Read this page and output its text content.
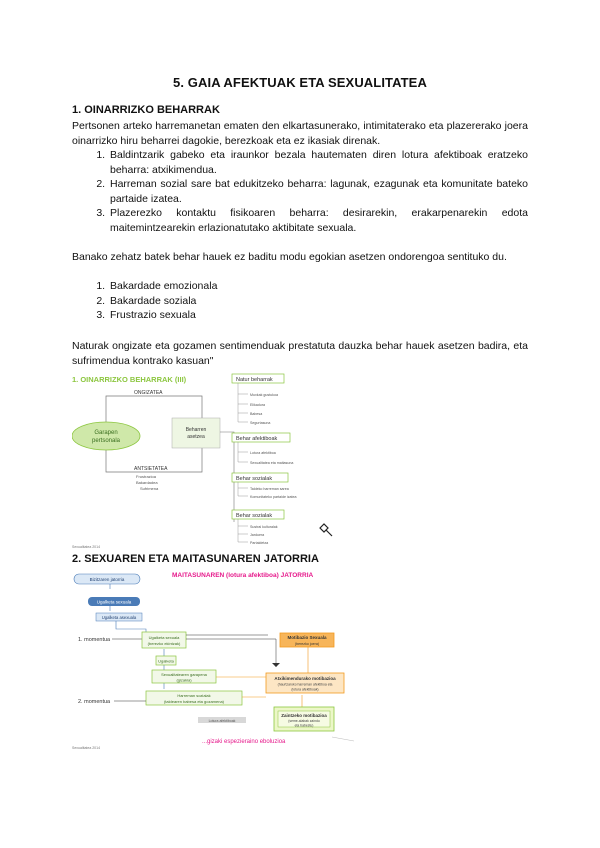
5. GAIA AFEKTUAK ETA SEXUALITATEA
1. OINARRIZKO BEHARRAK
Pertsonen arteko harremanetan ematen den elkartasunerako, intimitaterako eta plazererako joera oinarrizko hiru beharrei dagokie, berezkoak eta ez ikasiak direnak.
1. Baldintzarik gabeko eta iraunkor bezala hautematen diren lotura afektiboak eratzeko beharra: atxikimendua.
2. Harreman sozial sare bat edukitzeko beharra: lagunak, ezagunak eta komunitate bateko partaide izatea.
3. Plazerezko kontaktu fisikoaren beharra: desirarekin, erakarpenarekin edota maitemintzearekin erlazionatutako aktibitate sexuala.
Banako zehatz batek behar hauek ez baditu modu egokian asetzen ondorengoa sentituko du.
1. Bakardade emozionala
2. Bakardade soziala
3. Frustrazio sexuala
Naturak ongizate eta gozamen sentimenduak prestatuta dauzka behar hauek asetzen badira, eta sufrimendua kontrako kasuan"
1. OINARRIZKO BEHARRAK (III)
ONGIZATEA
ANTSIETATEA
Frustrazioa
Bakardadea
Sufrimena
Garapen
pertsonala
Beharren
asetzea
Natur beharrak
Muxkak gustukoa
Elikadura
Babesa
Segurtasuna
Behar afektiboak
Lotura afektiboa
Sexualitatea eta maitasuna
Behar sozialak
Taldeko harreman sarea
Komunitateko partaide izatea
Behar sozialak
Sustrai kulturalak
Jarduera
Partaidetza
Sexualitatea 2014
2. SEXUAREN ETA MAITASUNAREN JATORRIA
MAITASUNAREN (lotura afektiboa) JATORRIA
Bizitzaren jatorria
Ugalketa sexuala
Ugalketa asexuala
1. momentua	Ugalketa sexuala
(berezko ekintzak)
Ugalketa
Sexualitatearen garapena
(gizakia)
Harreman sozialak
(taldearen babesa eta gozamena)
2. momentua
Lotura afektiboak
...gizaki espezieraino eboluzioa
Motibazio Sexuala
(berezko joera)
Atxikimendurako motibazioa
(haurtzaroko harreman afektiboa eta
(lotura afektiboak)
Zaintzeko motibazioa
(seme-alabak zaindu
eta babestu)
Sexualitatea 2014
